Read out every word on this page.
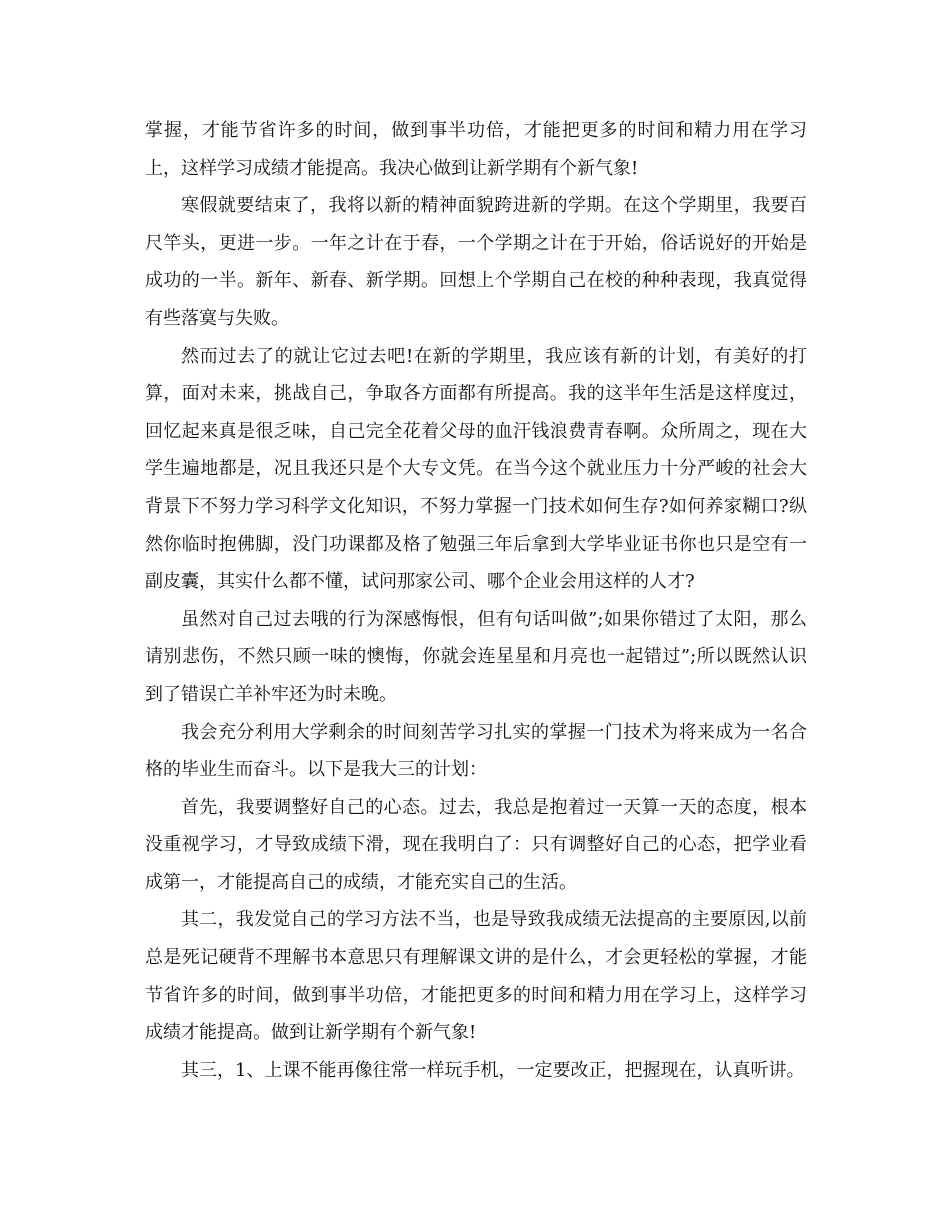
掌握，才能节省许多的时间，做到事半功倍，才能把更多的时间和精力用在学习上，这样学习成绩才能提高。我决心做到让新学期有个新气象!

寒假就要结束了，我将以新的精神面貌跨进新的学期。在这个学期里，我要百尺竿头，更进一步。一年之计在于春，一个学期之计在于开始，俗话说好的开始是成功的一半。新年、新春、新学期。回想上个学期自己在校的种种表现，我真觉得有些落寞与失败。

然而过去了的就让它过去吧!在新的学期里，我应该有新的计划，有美好的打算，面对未来，挑战自己，争取各方面都有所提高。我的这半年生活是这样度过，回忆起来真是很乏味，自己完全花着父母的血汗钱浪费青春啊。众所周之，现在大学生遍地都是，况且我还只是个大专文凭。在当今这个就业压力十分严峻的社会大背景下不努力学习科学文化知识，不努力掌握一门技术如何生存?如何养家糊口?纵然你临时抱佛脚，没门功课都及格了勉强三年后拿到大学毕业证书你也只是空有一副皮囊，其实什么都不懂，试问那家公司、哪个企业会用这样的人才?

虽然对自己过去哦的行为深感悔恨，但有句话叫做”;如果你错过了太阳，那么请别悲伤，不然只顾一味的懊悔，你就会连星星和月亮也一起错过”;所以既然认识到了错误亡羊补牢还为时未晚。

我会充分利用大学剩余的时间刻苦学习扎实的掌握一门技术为将来成为一名合格的毕业生而奋斗。以下是我大三的计划：

首先，我要调整好自己的心态。过去，我总是抱着过一天算一天的态度，根本没重视学习，才导致成绩下滑，现在我明白了：只有调整好自己的心态，把学业看成第一，才能提高自己的成绩，才能充实自己的生活。

其二，我发觉自己的学习方法不当，也是导致我成绩无法提高的主要原因,以前总是死记硬背不理解书本意思只有理解课文讲的是什么，才会更轻松的掌握，才能节省许多的时间，做到事半功倍，才能把更多的时间和精力用在学习上，这样学习成绩才能提高。做到让新学期有个新气象!

其三，1、上课不能再像往常一样玩手机，一定要改正，把握现在，认真听讲。
